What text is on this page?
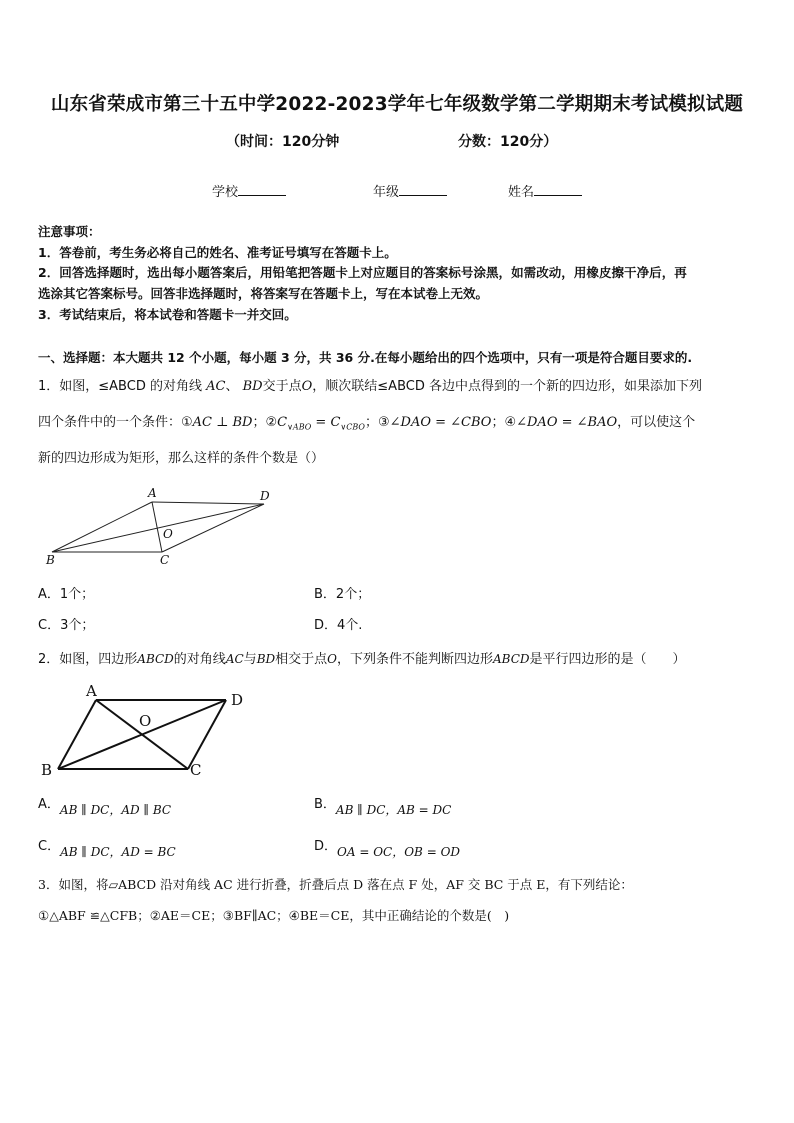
山东省荣成市第三十五中学2022-2023学年七年级数学第二学期期末考试模拟试题
（时间：120分钟	分数：120分）
学校	年级	姓名
注意事项：
1．答卷前，考生务必将自己的姓名、准考证号填写在答题卡上。
2．回答选择题时，选出每小题答案后，用铅笔把答题卡上对应题目的答案标号涂黑，如需改动，用橡皮擦干净后，再
选涂其它答案标号。回答非选择题时，将答案写在答题卡上，写在本试卷上无效。
3．考试结束后，将本试卷和答题卡一并交回。
一、选择题：本大题共 12 个小题，每小题 3 分，共 36 分.在每小题给出的四个选项中，只有一项是符合题目要求的.
1．如图，≤ABCD 的对角线 AC、 BD交于点O，顺次联结≤ABCD 各边中点得到的一个新的四边形，如果添加下列
四个条件中的一个条件：①AC ⊥ BD；$②C_{\vee ABO} = C_{\vee CBO}$；③∠DAO = ∠CBO；④∠DAO = ∠BAO，可以使这个
新的四边形成为矩形，那么这样的条件个数是（）
A	D
B	C
O
A．1个；	B．2个；
C．3个；	D．4个.
2．如图，四边形ABCD的对角线AC与BD相交于点O，下列条件不能判断四边形ABCD是平行四边形的是（　　）
A	D
B	C
O
A．AB ∥ DC，AD ∥ BC	B．AB ∥ DC，AB = DC
C．AB ∥ DC，AD = BC	D．OA = OC，OB = OD
3．如图，将▱ABCD 沿对角线 AC 进行折叠，折叠后点 D 落在点 F 处，AF 交 BC 于点 E，有下列结论：
①△ABF ≌△CFB；②AE＝CE；③BF∥AC；④BE＝CE，其中正确结论的个数是(　)
